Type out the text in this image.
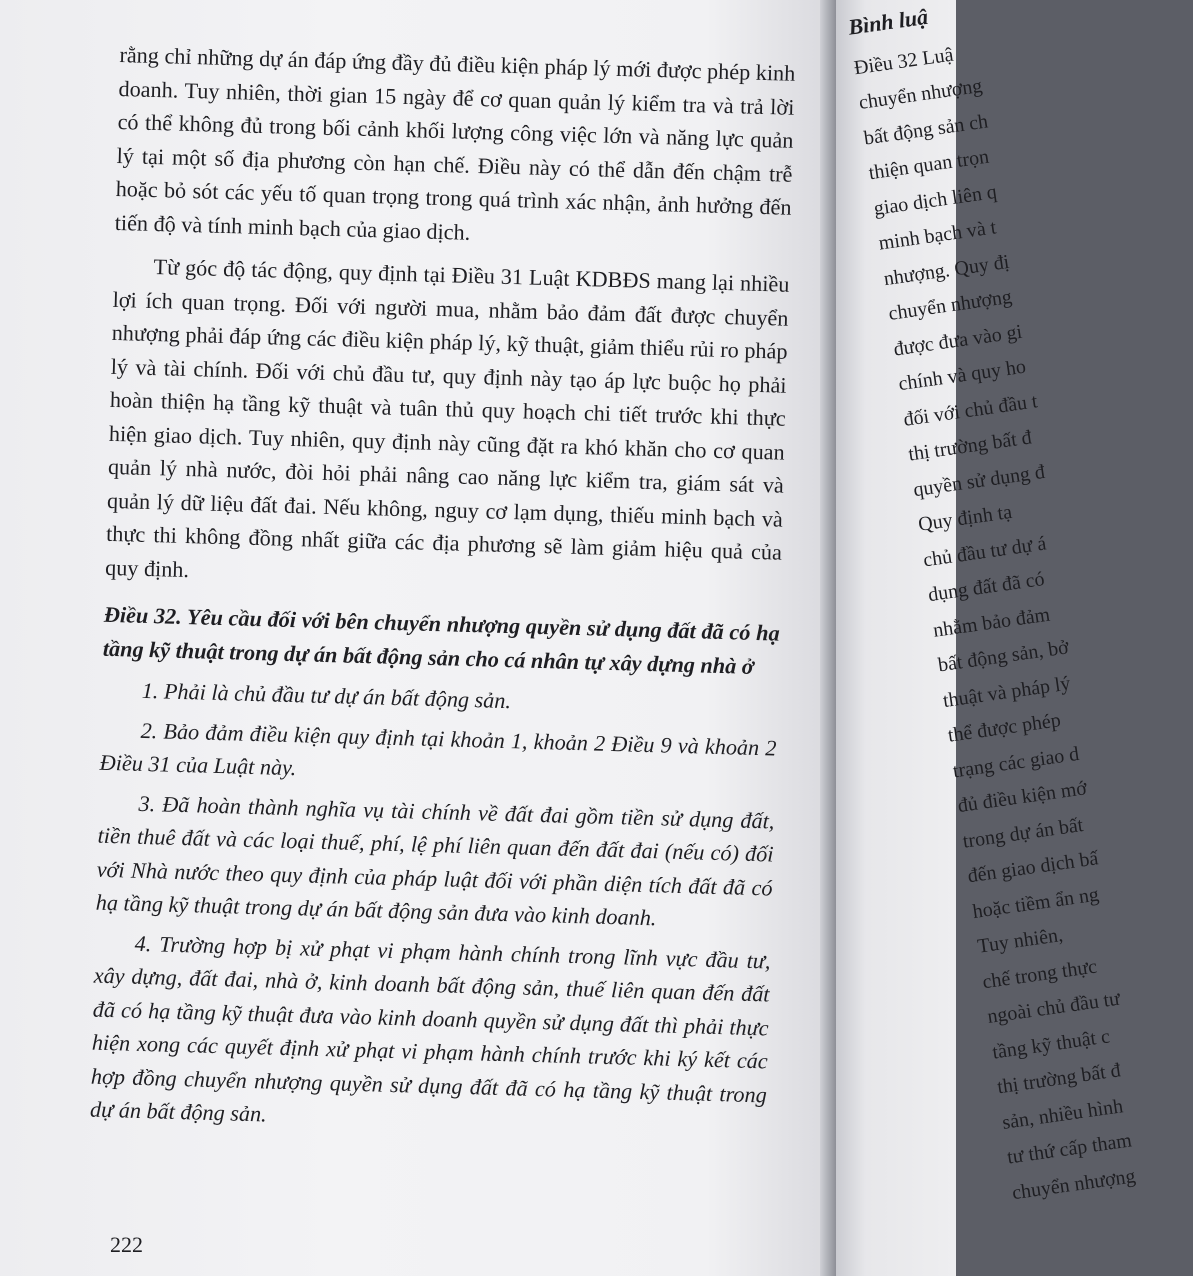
rằng chỉ những dự án đáp ứng đầy đủ điều kiện pháp lý mới được phép kinh doanh. Tuy nhiên, thời gian 15 ngày để cơ quan quản lý kiểm tra và trả lời có thể không đủ trong bối cảnh khối lượng công việc lớn và năng lực quản lý tại một số địa phương còn hạn chế. Điều này có thể dẫn đến chậm trễ hoặc bỏ sót các yếu tố quan trọng trong quá trình xác nhận, ảnh hưởng đến tiến độ và tính minh bạch của giao dịch.

Từ góc độ tác động, quy định tại Điều 31 Luật KDBĐS mang lại nhiều lợi ích quan trọng. Đối với người mua, nhằm bảo đảm đất được chuyển nhượng phải đáp ứng các điều kiện pháp lý, kỹ thuật, giảm thiểu rủi ro pháp lý và tài chính. Đối với chủ đầu tư, quy định này tạo áp lực buộc họ phải hoàn thiện hạ tầng kỹ thuật và tuân thủ quy hoạch chi tiết trước khi thực hiện giao dịch. Tuy nhiên, quy định này cũng đặt ra khó khăn cho cơ quan quản lý nhà nước, đòi hỏi phải nâng cao năng lực kiểm tra, giám sát và quản lý dữ liệu đất đai. Nếu không, nguy cơ lạm dụng, thiếu minh bạch và thực thi không đồng nhất giữa các địa phương sẽ làm giảm hiệu quả của quy định.

Điều 32. Yêu cầu đối với bên chuyển nhượng quyền sử dụng đất đã có hạ tầng kỹ thuật trong dự án bất động sản cho cá nhân tự xây dựng nhà ở

1. Phải là chủ đầu tư dự án bất động sản.

2. Bảo đảm điều kiện quy định tại khoản 1, khoản 2 Điều 9 và khoản 2 Điều 31 của Luật này.

3. Đã hoàn thành nghĩa vụ tài chính về đất đai gồm tiền sử dụng đất, tiền thuê đất và các loại thuế, phí, lệ phí liên quan đến đất đai (nếu có) đối với Nhà nước theo quy định của pháp luật đối với phần diện tích đất đã có hạ tầng kỹ thuật trong dự án bất động sản đưa vào kinh doanh.

4. Trường hợp bị xử phạt vi phạm hành chính trong lĩnh vực đầu tư, xây dựng, đất đai, nhà ở, kinh doanh bất động sản, thuế liên quan đến đất đã có hạ tầng kỹ thuật đưa vào kinh doanh quyền sử dụng đất thì phải thực hiện xong các quyết định xử phạt vi phạm hành chính trước khi ký kết các hợp đồng chuyển nhượng quyền sử dụng đất đã có hạ tầng kỹ thuật trong dự án bất động sản.

222
Bình luậ
Điều 32 Luậ
chuyển nhượng
bất động sản ch
thiện quan trọn
giao dịch liên q
minh bạch và t
nhượng. Quy đị
chuyển nhượng
được đưa vào gi
chính và quy ho
đối với chủ đầu t
thị trường bất đ
quyền sử dụng đ
Quy định tạ
chủ đầu tư dự á
dụng đất đã có
nhằm bảo đảm
bất động sản, bở
thuật và pháp lý
thể được phép
trạng các giao d
đủ điều kiện mớ
trong dự án bất
đến giao dịch bấ
hoặc tiềm ẩn ng
Tuy nhiên,
chế trong thực
ngoài chủ đầu tư
tầng kỹ thuật c
thị trường bất đ
sản, nhiều hình
tư thứ cấp tham
chuyển nhượng
